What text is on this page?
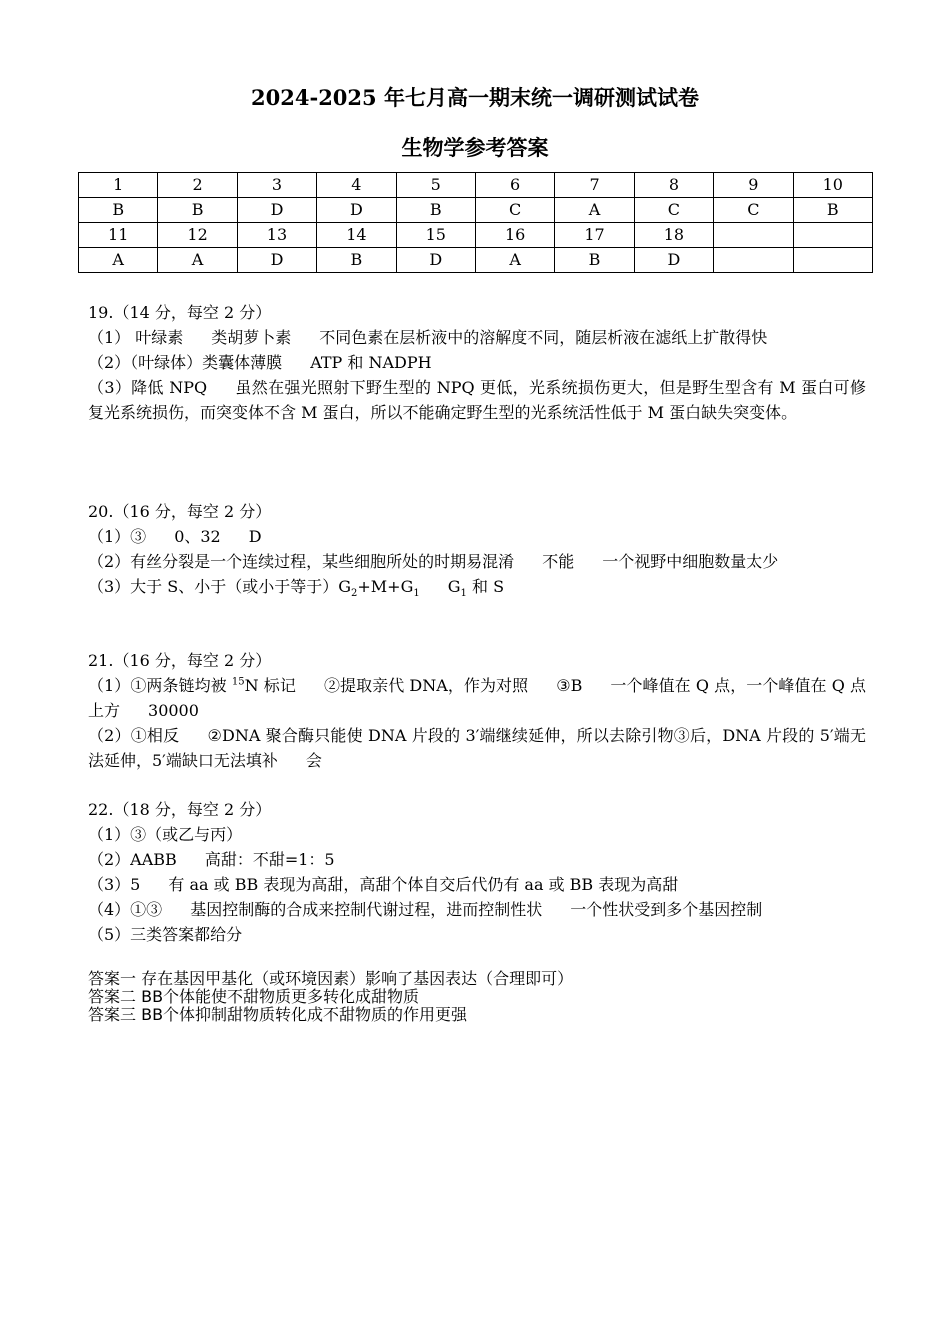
2024-2025 年七月高一期末统一调研测试试卷
生物学参考答案
1	2	3	4	5	6	7	8	9	10
B	B	D	D	B	C	A	C	C	B
11	12	13	14	15	16	17	18		
A	A	D	B	D	A	B	D		
19.（14 分，每空 2 分）
（1） 叶绿素 类胡萝卜素 不同色素在层析液中的溶解度不同，随层析液在滤纸上扩散得快
（2）（叶绿体）类囊体薄膜 ATP 和 NADPH
（3）降低 NPQ 虽然在强光照射下野生型的 NPQ 更低，光系统损伤更大，但是野生型含有 M 蛋白可修复光系统损伤，而突变体不含 M 蛋白，所以不能确定野生型的光系统活性低于 M 蛋白缺失突变体。
20.（16 分，每空 2 分）
（1）③ 0、32 D
（2）有丝分裂是一个连续过程，某些细胞所处的时期易混淆 不能 一个视野中细胞数量太少
（3）大于 S、小于（或小于等于）$G_2+M+G_1$ $G_1$ 和 S
21.（16 分，每空 2 分）
（1）①两条链均被 $^{15}$N 标记 ②提取亲代 DNA，作为对照 ③B 一个峰值在 Q 点，一个峰值在 Q 点上方 30000
（2）①相反 ②DNA 聚合酶只能使 DNA 片段的 3′端继续延伸，所以去除引物③后，DNA 片段的 5′端无法延伸，5′端缺口无法填补 会
22.（18 分，每空 2 分）
（1）③（或乙与丙）
（2）AABB 高甜：不甜=1：5
（3）5 有 aa 或 BB 表现为高甜，高甜个体自交后代仍有 aa 或 BB 表现为高甜
（4）①③ 基因控制酶的合成来控制代谢过程，进而控制性状 一个性状受到多个基因控制
（5）三类答案都给分
答案一 存在基因甲基化（或环境因素）影响了基因表达（合理即可）
答案二 BB个体能使不甜物质更多转化成甜物质
答案三 BB个体抑制甜物质转化成不甜物质的作用更强
